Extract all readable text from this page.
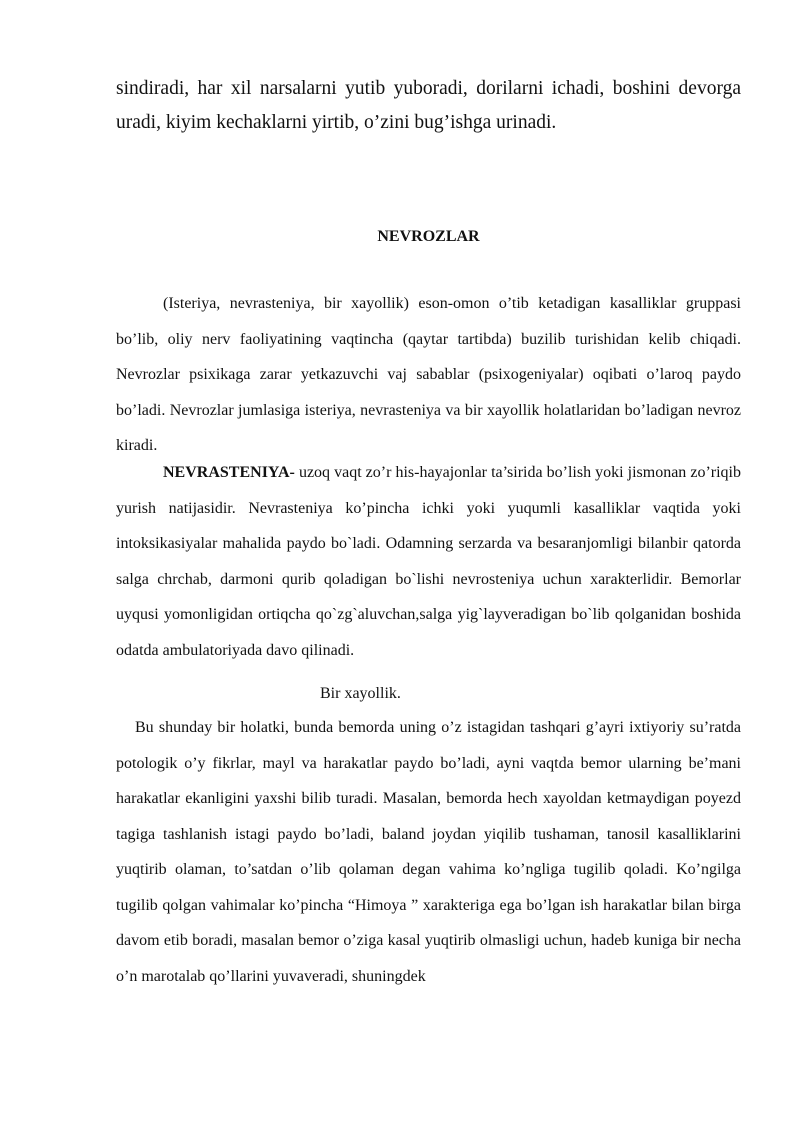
sindiradi, har xil narsalarni yutib yuboradi, dorilarni ichadi, boshini devorga uradi, kiyim kechaklarni yirtib, o’zini bug’ishga urinadi.

NEVROZLAR

(Isteriya, nevrasteniya, bir xayollik) eson-omon o’tib ketadigan kasalliklar gruppasi bo’lib, oliy nerv faoliyatining vaqtincha (qaytar tartibda) buzilib turishidan kelib chiqadi. Nevrozlar psixikaga zarar yetkazuvchi vaj sabablar (psixogeniyalar) oqibati o’laroq paydo bo’ladi. Nevrozlar jumlasiga isteriya, nevrasteniya va bir xayollik holatlaridan bo’ladigan nevroz kiradi.

NEVRASTENIYA- uzoq vaqt zo’r his-hayajonlar ta’sirida bo’lish yoki jismonan zo’riqib yurish natijasidir. Nevrasteniya ko’pincha ichki yoki yuqumli kasalliklar vaqtida yoki intoksikasiyalar mahalida paydo bo`ladi. Odamning serzarda va besaranjomligi bilanbir qatorda salga chrchab, darmoni qurib qoladigan bo`lishi nevrosteniya uchun xarakterlidir. Bemorlar uyqusi yomonligidan ortiqcha qo`zg`aluvchan,salga yig`layveradigan bo`lib qolganidan boshida odatda ambulatoriyada davo qilinadi.

Bir xayollik.

Bu shunday bir holatki, bunda bemorda uning o’z istagidan tashqari g’ayri ixtiyoriy su’ratda potologik o’y fikrlar, mayl va harakatlar paydo bo’ladi, ayni vaqtda bemor ularning be’mani harakatlar ekanligini yaxshi bilib turadi. Masalan, bemorda hech xayoldan ketmaydigan poyezd tagiga tashlanish istagi paydo bo’ladi, baland joydan yiqilib tushaman, tanosil kasalliklarini yuqtirib olaman, to’satdan o’lib qolaman degan vahima ko’ngliga tugilib qoladi. Ko’ngilga tugilib qolgan vahimalar ko’pincha “Himoya ” xarakteriga ega bo’lgan ish harakatlar bilan birga davom etib boradi, masalan bemor o’ziga kasal yuqtirib olmasligi uchun, hadeb kuniga bir necha o’n marotalab qo’llarini yuvaveradi, shuningdek
